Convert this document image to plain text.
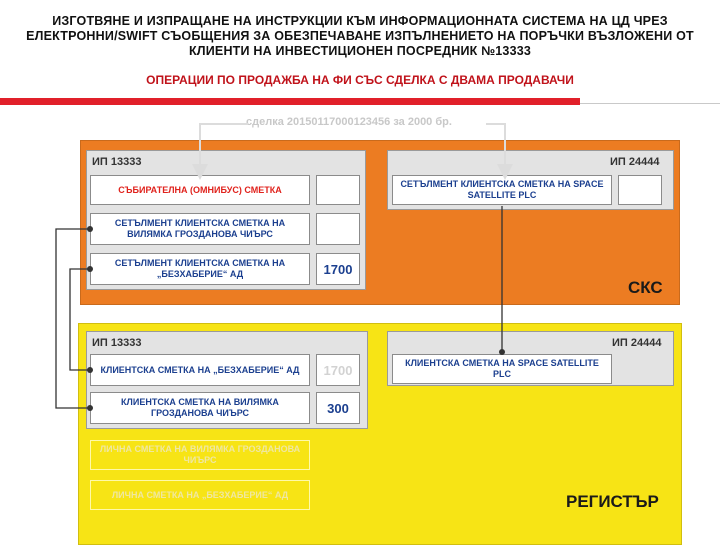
ИЗГОТВЯНЕ И ИЗПРАЩАНЕ НА ИНСТРУКЦИИ КЪМ ИНФОРМАЦИОННАТА СИСТЕМА НА ЦД ЧРЕЗ ЕЛЕКТРОННИ/SWIFT СЪОБЩЕНИЯ ЗА ОБЕЗПЕЧАВАНЕ ИЗПЪЛНЕНИЕТО НА ПОРЪЧКИ ВЪЗЛОЖЕНИ ОТ КЛИЕНТИ НА ИНВЕСТИЦИОНЕН ПОСРЕДНИК №13333
ОПЕРАЦИИ ПО ПРОДАЖБА НА ФИ СЪС СДЕЛКА С ДВАМА ПРОДАВАЧИ
сделка 20150117000123456 за 2000 бр.
ИП 13333
СЪБИРАТЕЛНА (ОМНИБУС) СМЕТКА
СЕТЪЛМЕНТ КЛИЕНТСКА СМЕТКА НА ВИЛЯМКА ГРОЗДАНОВА ЧИЪРС
СЕТЪЛМЕНТ КЛИЕНТСКА СМЕТКА НА „БЕЗХАБЕРИЕ“ АД	1700
ИП 24444
СЕТЪЛМЕНТ КЛИЕНТСКА СМЕТКА НА SPACE SATELLITE PLC
СКС
ИП 13333
КЛИЕНТСКА СМЕТКА НА „БЕЗХАБЕРИЕ“ АД	1700
КЛИЕНТСКА СМЕТКА НА ВИЛЯМКА ГРОЗДАНОВА ЧИЪРС	300
ИП 24444
КЛИЕНТСКА СМЕТКА НА SPACE SATELLITE PLC
ЛИЧНА СМЕТКА НА ВИЛЯМКА ГРОЗДАНОВА ЧИЪРС
ЛИЧНА СМЕТКА НА „БЕЗХАБЕРИЕ“ АД	РЕГИСТЪР
